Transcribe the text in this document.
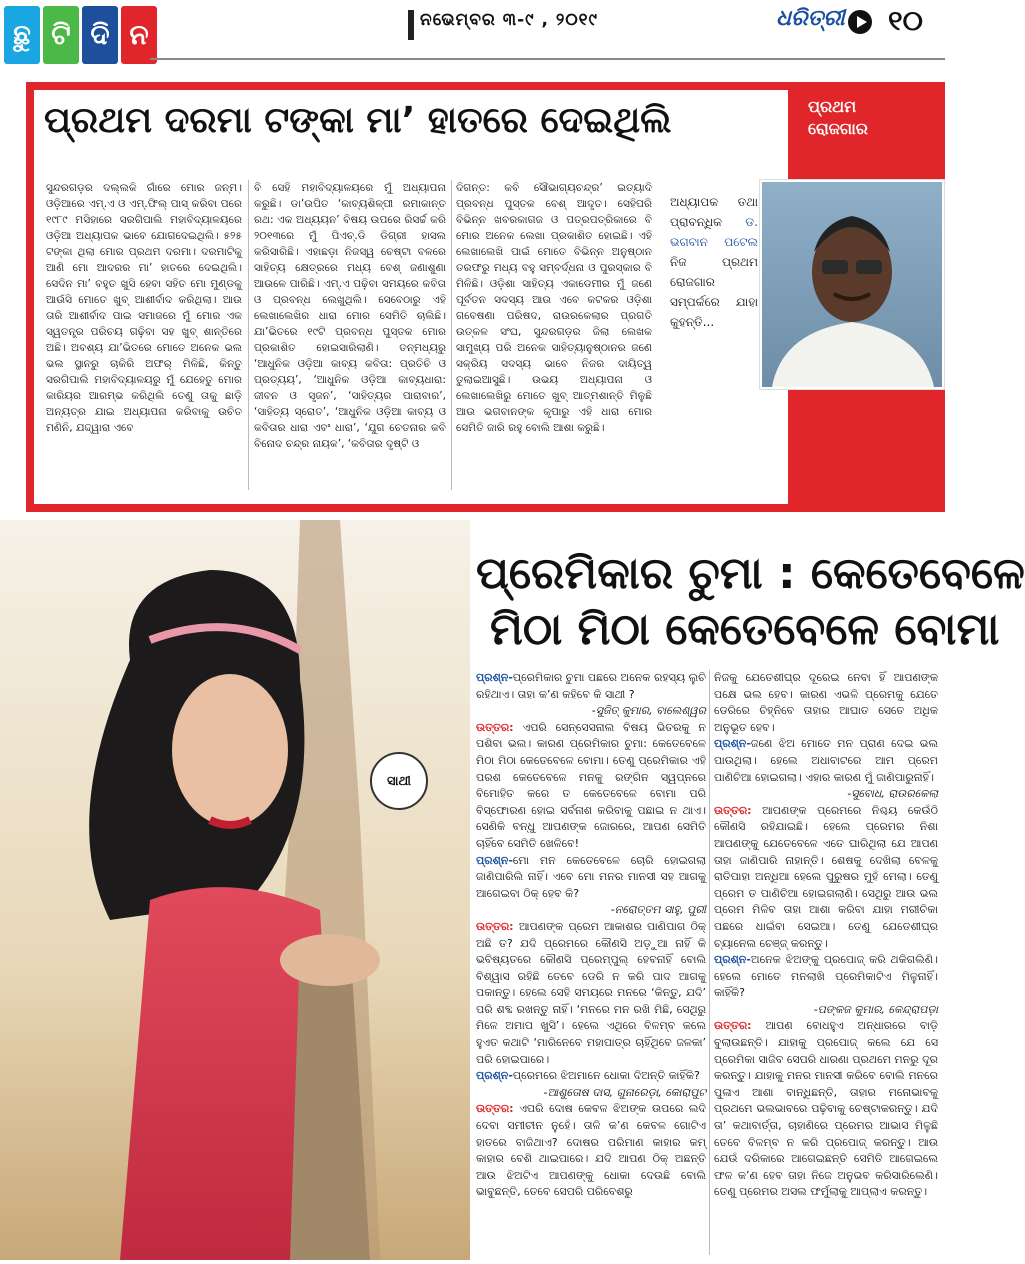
ଛୁ ଟି ଦି ନ	ନଭେମ୍ବର ୩-୯ , ୨୦୧୯	ଧରିତ୍ରୀ ୧୦
ପ୍ରଥମ
ରୋଜଗାର
ପ୍ରଥମ ଦରମା ଟଙ୍କା ମା’ ହାତରେ ଦେଇଥିଲି
ସୁନ୍ଦରଗଡ଼ର ଦଲ୍ଲକି ଗାଁରେ ମୋର ଜନ୍ମ। ଓଡ଼ିଆରେ ଏମ୍‌.ଏ ଓ ଏମ୍‌.ଫିଲ୍ ପାସ୍ କରିବା ପରେ ୧୯୮୯ ମସିହାରେ ସରଗିପାଲି ମହାବିଦ୍ୟାଳୟରେ ଓଡ଼ିଆ ଅଧ୍ୟାପକ ଭାବେ ଯୋଗଦେଇଥିଲି। ୫୨୫ ଟଙ୍କା ଥିଲା ମୋର ପ୍ରଥମ ଦରମା। ଦରମାଟିକୁ ଆଣି ମୋ ଆଦରର ମା’ ହାତରେ ଦେଇଥିଲି। ସେଦିନ ମା’ ବହୁତ ଖୁସି ହେବା ସହିତ ମୋ ମୁଣ୍ଡକୁ ଆଉଁସି ମୋତେ ଖୁବ୍ ଆଶୀର୍ବାଦ କରିଥିଲା। ଆଉ ତାରି ଆଶୀର୍ବାଦ ପାଇ ସମାଜରେ ମୁଁ ମୋର ଏକ ସ୍ୱତନ୍ତ୍ର ପରିଚୟ ଗଢ଼ିବା ସହ ଖୁବ୍ ଶାନ୍ତିରେ ଅଛି। ଅବଶ୍ୟ ଯା’ଭିତରେ ମୋତେ ଅନେକ ଭଲ ଭଲ ସ୍ଥାନରୁ ଚାକିରି ଅଫର୍ ମିଳିଛି, କିନ୍ତୁ ସରଗିପାଲି ମହାବିଦ୍ୟାଳୟରୁ ମୁଁ ଯେହେତୁ ମୋର କାରିୟର ଆରମ୍ଭ କରିଥିଲି ତେଣୁ ତାକୁ ଛାଡ଼ି ଅନ୍ୟତ୍ର ଯାଇ ଅଧ୍ୟାପନା କରିବାକୁ ଉଚିତ ମଣିନି, ଯଦ୍ଦ୍ୱାରା ଏବେ
ବି ସେହି ମହାବିଦ୍ୟାଳୟରେ ମୁଁ ଅଧ୍ୟାପନା କରୁଛି। ଡା’ଉପିତ ‘କାବ୍ୟଶିଳ୍ପୀ ରମାକାନ୍ତ ରଥ: ଏକ ଅଧ୍ୟୟନ’ ବିଷୟ ଉପରେ ରିସର୍ଚ୍ଚ କରି ୨୦୧୩ରେ ମୁଁ ପିଏଚ୍‌.ଡି ଡିଗ୍ରୀ ହାସଲ କରିସାରିଛି। ଏହାଛଡ଼ା ନିଜସ୍ୱ ଚେଷ୍ଟା ବଳରେ ସାହିତ୍ୟ କ୍ଷେତ୍ରରେ ମଧ୍ୟ ବେଶ୍ ଜଣାଶୁଣା ଆଉଳେ ପାରିଛି। ଏମ୍‌.ଏ ପଢ଼ିବା ସମୟରେ କବିତା ଓ ପ୍ରବନ୍ଧ ଲେଖୁଥିଲି। ସେବେଠାରୁ ଏହି ଲେଖାଲେଖିର ଧାରା ମୋର ସେମିତି ଚାଲିଛି। ଯା’ଭିତରେ ୧୯ଟି ପ୍ରବନ୍ଧ ପୁସ୍ତକ ମୋର ପ୍ରକାଶିତ ହୋଇସାରିଲାଣି। ତନ୍ମଧ୍ୟରୁ ‘ଆଧୁନିକ ଓଡ଼ିଆ କାବ୍ୟ କବିତା: ପ୍ରତିଚି ଓ ପ୍ରତ୍ୟୟ’, ‘ଆଧୁନିକ ଓଡ଼ିଆ କାବ୍ୟଧାରା: ଜୀବନ ଓ ସୃଜନ’, ‘ସାହିତ୍ୟର ପାରାବାର’, ‘ସାହିତ୍ୟ ସ୍ରୋତ’, ‘ଆଧୁନିକ ଓଡ଼ିଆ କାବ୍ୟ ଓ କବିତାର ଧାରା ଏବଂ ଧାରା’, ‘ଯୁଗ ଚେତନାର କବି ବିନୋଦ ଚନ୍ଦ୍ର ନାୟକ’, ‘କବିତାର ଦୃଷ୍ଟି ଓ
ଦିଗନ୍ତ: କବି ସୌଭାଗ୍ୟଚନ୍ଦ୍ର’ ଇତ୍ୟାଦି ପ୍ରବନ୍ଧ ପୁସ୍ତକ ବେଶ୍ ଆଦୃତ। ସେହିପରି ବିଭିନ୍ନ ଖବରକାଗଜ ଓ ପତ୍ରପତ୍ରିକାରେ ବି ମୋର ଅନେକ ଲେଖା ପ୍ରକାଶିତ ହୋଇଛି। ଏହି ଲେଖାଲେଖି ପାଇଁ ମୋତେ ବିଭିନ୍ନ ଅନୁଷ୍ଠାନ ତରଫରୁ ମଧ୍ୟ ବହୁ ସମ୍ବର୍ଦ୍ଧନା ଓ ପୁରସ୍କାର ବି ମିଳିଛି। ଓଡ଼ିଶା ସାହିତ୍ୟ ଏକାଡେମୀର ମୁଁ ଜଣେ ପୂର୍ବତନ ସଦସ୍ୟ ଆଉ ଏବେ କଟକର ଓଡ଼ିଶା ଗବେଷଣା ପରିଷଦ, ରାଉରକେଲାର ପ୍ରଗତି ଉତ୍କଳ ସଂଘ, ସୁନ୍ଦରଗଡ଼ର ଜିଲା ଲେଖକ ସାମୁଖ୍ୟ ପରି ଅନେକ ସାହିତ୍ୟାନୁଷ୍ଠାନର ଜଣେ ସକ୍ରିୟ ସଦସ୍ୟ ଭାବେ ନିଜର ଦାୟିତ୍ୱ ତୁଲାଇଆସୁଛି। ଉଭୟ ଅଧ୍ୟାପନା ଓ ଲେଖାଲେଖିରୁ ମୋତେ ଖୁବ୍ ଆତ୍ମଶାନ୍ତି ମିଳୁଛି ଆଉ ଭଗବାନଙ୍କ କୃପାରୁ ଏହି ଧାରା ମୋର ସେମିତି ଜାରି ରହୁ ବୋଲି ଆଶା କରୁଛି।
ଅଧ୍ୟାପକ ତଥା ପ୍ରାବନ୍ଧିକ ଡ. ଭଗବାନ ପଟେଲ ନିଜ ପ୍ରଥମ ରୋଜଗାର ସମ୍ପର୍କରେ ଯାହା କୁହନ୍ତି...
ସାଥୀ
ପ୍ରେମିକାର ଚୁମା : କେତେବେଳେ
ମିଠା ମିଠା କେତେବେଳେ ବୋମା

ପ୍ରଶ୍ନ-ପ୍ରେମିକାର ଚୁମା ପଛରେ ଅନେକ ରହସ୍ୟ ଲୁଚି ରହିଥାଏ। ତାହା କ’ଣ କହିବେ କି ସାଥୀ ?

-ସୁଜିତ୍ କୁମାର, ବାଲେଶ୍ୱର

ଉତ୍ତର: ଏପରି ସେନ୍‌ସେସନାଲ ବିଷୟ ଭିତରକୁ ନ ପଶିବା ଭଲ। କାରଣ ପ୍ରେମିକାର ଚୁମା: କେତେବେଳେ ମିଠା ମିଠା କେତେବେଳେ ବୋମା। ତେଣୁ ପ୍ରେମିକାର ଏହି ପରଶ କେତେବେଳେ ମନକୁ ରଙ୍ଗିନ ସ୍ୱପ୍ନରେ ବିମୋହିତ କରେ ତ କେତେବେଳେ ବୋମା ପରି ବିସ୍ଫୋରଣ ହୋଇ ସର୍ବନାଶ କରିବାକୁ ପଛାଇ ନ ଥାଏ। ସେଣିକି ବନ୍ଧୁ ଆପଣଙ୍କ ଜୋରରେ, ଆପଣ ସେମିତି ଚାହିଁବେ ସେମିତି ଖେଳିବେ!

ପ୍ରଶ୍ନ-ମୋ ମନ କେତେବେଳେ ଚୋରି ହୋଇଗଲା ଜାଣିପାରିଲି ନାହିଁ। ଏବେ ମୋ ମନର ମାନସୀ ସହ ଆଗକୁ ଆଗେଇବା ଠିକ୍ ହେବ କି?

-ନରୋତ୍ତମ ସାହୁ, ପୁରୀ

ଉତ୍ତର: ଆପଣଙ୍କ ପ୍ରେମ ଆକାଶର ପାଣିପାଗ ଠିକ୍ ଅଛି ତ? ଯଦି ପ୍ରେମରେ କୌଣସି ଅଡ଼ୁଆ ନାହିଁ କି ଭବିଷ୍ୟତରେ କୌଣସି ପ୍ରେମ୍ପୁଲ୍ ହେବନାହିଁ ବୋଲି ବିଶ୍ୱାସ ରହିଛି ତେବେ ଡେରି ନ କରି ପାଦ ଆଗକୁ ପକାନ୍ତୁ। ହେଲେ ସେହି ସମୟରେ ମନରେ ‘କିନ୍ତୁ, ଯଦି’ ପରି ଶବ୍ଦ ରଖନ୍ତୁ ନାହିଁ। ‘ମନରେ ମନ ରଖି ମିଛି, ସେଥିରୁ ମିଳେ ଅମାପ ଖୁସି’। ହେଲେ ଏଥିରେ ବିଳମ୍ବ କଲେ ହୁଏତ କଥାଟି ‘ମାରିନେବେ ମହାପାତ୍ର ଚାହିଁଥିବେ ଜଳକା’ ପରି ହୋଇପାରେ।

ପ୍ରଶ୍ନ-ପ୍ରେମରେ ଝିଅମାନେ ଧୋକା ଦିଅନ୍ତି କାହିଁକି?

-ଆଶୁତୋଷ ଦାସ, ଗୁନାରେଡ଼ା, କୋରାପୁଟ

ଉତ୍ତର: ଏପରି ଦୋଷ କେବଳ ଝିଅଙ୍କ ଉପରେ ଲଦି ଦେବା ସମୀଚୀନ ନୁହେଁ। ତାଳି କ’ଣ କେବଳ ଗୋଟିଏ ହାତରେ ବାଜିଥାଏ? ଦୋଷର ପରିମାଣ କାହାର କମ୍ କାହାର ବେଶି ଥାଇପାରେ। ଯଦି ଆପଣ ଠିକ୍ ଅଛନ୍ତି ଆଉ ଝିଅଟିଏ ଆପଣଙ୍କୁ ଧୋକା ଦେଉଛି ବୋଲି ଭାବୁଛନ୍ତି, ତେବେ ସେପରି ପରିବେଶରୁ

ନିଜକୁ ଯେତେଶୀଘ୍ର ଦୂରେଇ ନେବା ହିଁ ଆପଣଙ୍କ ପକ୍ଷେ ଭଲ ହେବ। କାରଣ ଏଭଳି ପ୍ରେମକୁ ଯେତେ ଡେରିରେ ଚିହ୍ନିବେ ତାହାର ଆଘାତ ସେତେ ଅଧିକ ଅନୁଭୂତ ହେବ।

ପ୍ରଶ୍ନ-ଜଣେ ଝିଅ ମୋତେ ମନ ପ୍ରାଣ ଦେଇ ଭଲ ପାଉଥିଲା। ହେଲେ ଅଧାବାଟରେ ଆମ ପ୍ରେମ ପାଣିଚିଆ ହୋଇଗଲା। ଏହାର କାରଣ ମୁଁ ଜାଣିପାରୁନାହିଁ।

-ସୁବୋଧ, ରାଉରକେଲା

ଉତ୍ତର: ଆପଣଙ୍କ ପ୍ରେମରେ ନିଶ୍ଚୟ କେଉଁଠି କୌଣସି ରହିଯାଇଛି। ହେଲେ ପ୍ରେମର ନିଶା ଆପଣଙ୍କୁ ଯେତେବେଳେ ଏତେ ଘାରିଥିଲା ଯେ ଆପଣ ତାହା ଜାଣିପାରି ନାହାନ୍ତି। ଶେଷକୁ ଦେଖିଲା ବେଳକୁ ରାତିପାହା ଅନ୍ଧିଆ ହେଲେ ପୁରୁଷର ମୁହଁ ମେଲା। ତେଣୁ ପ୍ରେମ ତ ପାଣିଚିଆ ହୋଇଗଲାଣି। ସେଥିରୁ ଆଉ ଭଲ ପ୍ରେମ ମିଳିବ ତାହା ଆଶା କରିବା ଯାହା ମରୀଚିକା ପଛରେ ଧାଇଁବା ସେଇଆ। ତେଣୁ ଯେତେଶୀଘ୍ର ଚ୍ୟାନେଲ ଚେଞ୍ଜ୍ କରନ୍ତୁ।

ପ୍ରଶ୍ନ-ଅନେକ ଝିଅଙ୍କୁ ପ୍ରପୋଜ୍ କରି ଥକିଗଲିଣି। ହେଲେ ମୋତେ ମନଲାଖି ପ୍ରେମିକାଟିଏ ମିଳୁନାହିଁ। କାହିଁକି?

-ପଙ୍କଜ କୁମାର, କେନ୍ଦ୍ରାପଡ଼ା

ଉତ୍ତର: ଆପଣ ବୋଧହୁଏ ଅନ୍ଧାରରେ ବାଡ଼ି ବୁଲାଉଛନ୍ତି। ଯାହାକୁ ପ୍ରପୋଜ୍ କଲେ ଯେ ସେ ପ୍ରେମିକା ସାଜିବ ସେପରି ଧାରଣା ପ୍ରଥମେ ମନରୁ ଦୂର କରନ୍ତୁ। ଯାହାକୁ ମନର ମାନସୀ କରିବେ ବୋଲି ମନରେ ପୁଳାଏ ଆଶା ବାନ୍ଧିଛନ୍ତି, ତାହାର ମନୋଭାବକୁ ପ୍ରଥମେ ଭଲଭାବରେ ପଢ଼ିବାକୁ ଚେଷ୍ଟାକରନ୍ତୁ। ଯଦି ତା’ କଥାବାର୍ତ୍ତା, ଚାହାଣିରେ ପ୍ରେମର ଆଭାସ ମିଳୁଛି ତେବେ ବିଳମ୍ବ ନ କରି ପ୍ରପୋଜ୍ କରନ୍ତୁ। ଆଉ ଯେଉଁ ଦରିକାରେ ଆଗେଇଛନ୍ତି ସେମିତି ଆଗେଇଲେ ଫଳ କ’ଣ ହେବ ତାହା ନିଜେ ଅନୁଭବ କରିସାରିଲେଣି। ତେଣୁ ପ୍ରେମର ଅସଲ ଫର୍ମୁଲାକୁ ଆପ୍ଲାଏ କରନ୍ତୁ।
